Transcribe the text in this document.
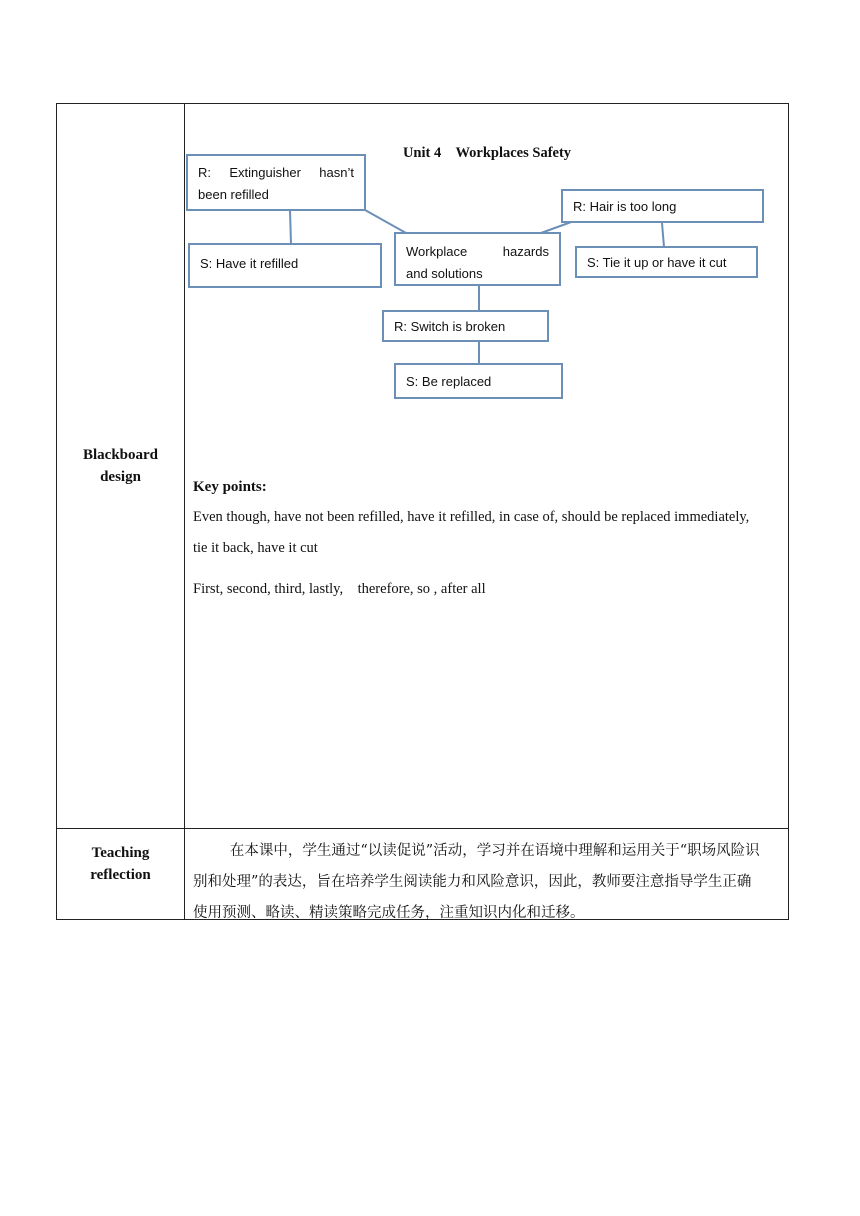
Blackboard
design
Teaching
reflection
Unit 4    Workplaces Safety
R: Extinguisher hasn’t
been refilled
S: Have it refilled
Workplace hazards
and solutions
R: Hair is too long
S: Tie it up or have it cut
R: Switch is broken
S: Be replaced
Key points:
Even though, have not been refilled, have it refilled, in case of, should be replaced immediately,
tie it back, have it cut
First, second, third, lastly,    therefore, so , after all
在本课中，学生通过“以读促说”活动，学习并在语境中理解和运用关于“职场风险识
别和处理”的表达，旨在培养学生阅读能力和风险意识，因此，教师要注意指导学生正确
使用预测、略读、精读策略完成任务，注重知识内化和迁移。
